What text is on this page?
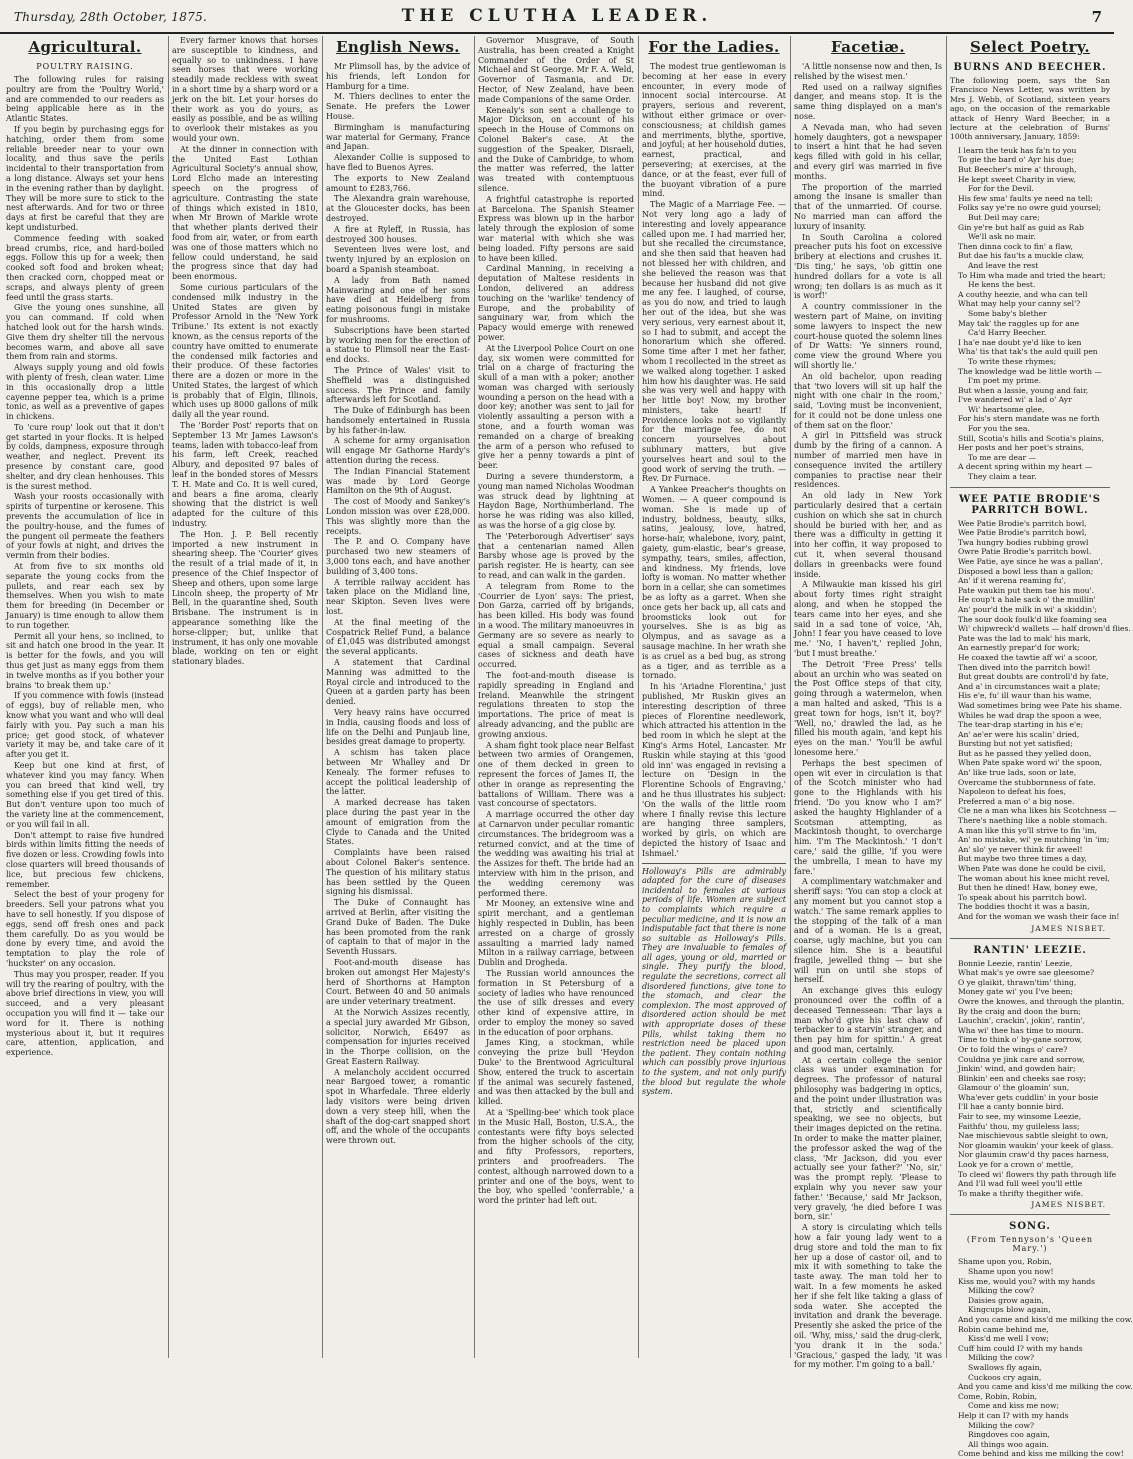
Thursday, 28th October, 1875.	THE CLUTHA LEADER.	7
Agricultural.
POULTRY RAISING.

The following rules for raising poultry are from the 'Poultry World,' and are commended to our readers as being applicable here as in the Atlantic States.

If you begin by purchasing eggs for hatching, order them from some reliable breeder near to your own locality, and thus save the perils incidental to their transportation from a long distance. Always set your hens in the evening rather than by daylight. They will be more sure to stick to the nest afterwards. And for two or three days at first be careful that they are kept undisturbed.

Commence feeding with soaked bread crumbs, rice, and hard-boiled eggs. Follow this up for a week; then cooked soft food and broken wheat; then cracked corn, chopped meat or scraps, and always plenty of green feed until the grass starts.

Give the young ones sunshine, all you can command. If cold when hatched look out for the harsh winds. Give them dry shelter till the nervous becomes warm, and above all save them from rain and storms.

Always supply young and old fowls with plenty of fresh, clean water. Lime in this occasionally drop a little cayenne pepper tea, which is a prime tonic, as well as a preventive of gapes in chickens.

To 'cure roup' look out that it don't get started in your flocks. It is helped by colds, dampness, exposure through weather, and neglect. Prevent its presence by constant care, good shelter, and dry clean henhouses. This is the surest method.

Wash your roosts occasionally with spirits of turpentine or kerosene. This prevents the accumulation of lice in the poultry-house, and the fumes of the pungent oil permeate the feathers of your fowls at night, and drives the vermin from their bodies.

At from five to six months old separate the young cocks from the pullets, and rear each sex by themselves. When you wish to mate them for breeding (in December or January) is time enough to allow them to run together.

Permit all your hens, so inclined, to sit and hatch one brood in the year. It is better for the fowls, and you will thus get just as many eggs from them in twelve months as if you bother your brains 'to break them up.'

If you commence with fowls (instead of eggs), buy of reliable men, who know what you want and who will deal fairly with you. Pay such a man his price; get good stock, of whatever variety it may be, and take care of it after you get it.

Keep but one kind at first, of whatever kind you may fancy. When you can breed that kind well, try something else if you get tired of this. But don't venture upon too much of the variety line at the commencement, or you will fail in all.

Don't attempt to raise five hundred birds within limits fitting the needs of five dozen or less. Crowding fowls into close quarters will breed thousands of lice, but precious few chickens, remember.

Select the best of your progeny for breeders. Sell your patrons what you have to sell honestly. If you dispose of eggs, send off fresh ones and pack them carefully. Do as you would be done by every time, and avoid the temptation to play the role of 'huckster' on any occasion.

Thus may you prosper, reader. If you will try the rearing of poultry, with the above brief directions in view, you will succeed, and a very pleasant occupation you will find it — take our word for it. There is nothing mysterious about it, but it requires care, attention, application, and experience.

Every farmer knows that horses are susceptible to kindness, and equally so to unkindness. I have seen horses that were working steadily made reckless with sweat in a short time by a sharp word or a jerk on the bit. Let your horses do their work as you do yours, as easily as possible, and be as willing to overlook their mistakes as you would your own.

At the dinner in connection with the United East Lothian Agricultural Society's annual show, Lord Elcho made an interesting speech on the progress of agriculture. Contrasting the state of things which existed in 1810, when Mr Brown of Markle wrote that whether plants derived their food from air, water, or from earth was one of those matters which no fellow could understand, he said the progress since that day had been enormous.

Some curious particulars of the condensed milk industry in the United States are given by Professor Arnold in the 'New York Tribune.' Its extent is not exactly known, as the census reports of the country have omitted to enumerate the condensed milk factories and their produce. Of these factories there are a dozen or more in the United States, the largest of which is probably that of Elgin, Illinois, which uses up 8000 gallons of milk daily all the year round.

The 'Border Post' reports that on September 13 Mr James Lawson's teams, laden with tobacco-leaf from his farm, left Creek, reached Albury, and deposited 97 bales of leaf in the bonded stores of Messrs T. H. Mate and Co. It is well cured, and bears a fine aroma, clearly showing that the district is well adapted for the culture of this industry.

The Hon. J. P. Bell recently imported a new instrument in shearing sheep. The 'Courier' gives the result of a trial made of it, in presence of the Chief Inspector of Sheep and others, upon some large Lincoln sheep, the property of Mr Bell, in the quarantine shed, South Brisbane. The instrument is in appearance something like the horse-clipper; but, unlike that instrument, it has only one movable blade, working on ten or eight stationary blades.

English News.

Mr Plimsoll has, by the advice of his friends, left London for Hamburg for a time.

M. Thiers declines to enter the Senate. He prefers the Lower House.

Birmingham is manufacturing war material for Germany, France and Japan.

Alexander Collie is supposed to have fled to Buenos Ayres.

The exports to New Zealand amount to £283,766.

The Alexandra grain warehouse, at the Gloucester docks, has been destroyed.

A fire at Ryleff, in Russia, has destroyed 300 houses.

Seventeen lives were lost, and twenty injured by an explosion on board a Spanish steamboat.

A lady from Bath named Mainwaring and one of her sons have died at Heidelberg from eating poisonous fungi in mistake for mushrooms.

Subscriptions have been started by working men for the erection of a statue to Plimsoll near the East-end docks.

The Prince of Wales' visit to Sheffield was a distinguished success. The Prince and family afterwards left for Scotland.

The Duke of Edinburgh has been handsomely entertained in Russia by his father-in-law.

A scheme for army organisation will engage Mr Gathorne Hardy's attention during the recess.

The Indian Financial Statement was made by Lord George Hamilton on the 9th of August.

The cost of Moody and Sankey's London mission was over £28,000. This was slightly more than the receipts.

The P. and O. Company have purchased two new steamers of 3,000 tons each, and have another building of 3,400 tons.

A terrible railway accident has taken place on the Midland line, near Skipton. Seven lives were lost.

At the final meeting of the Cospatrick Relief Fund, a balance of £1,045 was distributed amongst the several applicants.

A statement that Cardinal Manning was admitted to the Royal circle and introduced to the Queen at a garden party has been denied.

Very heavy rains have occurred in India, causing floods and loss of life on the Delhi and Punjaub line, besides great damage to property.

A schism has taken place between Mr Whalley and Dr Kenealy. The former refuses to accept the political leadership of the latter.

A marked decrease has taken place during the past year in the amount of emigration from the Clyde to Canada and the United States.

Complaints have been raised about Colonel Baker's sentence. The question of his military status has been settled by the Queen signing his dismissal.

The Duke of Connaught has arrived at Berlin, after visiting the Grand Duke of Baden. The Duke has been promoted from the rank of captain to that of major in the Seventh Hussars.

Foot-and-mouth disease has broken out amongst Her Majesty's herd of Shorthorns at Hampton Court. Between 40 and 50 animals are under veterinary treatment.

At the Norwich Assizes recently, a special jury awarded Mr Gibson, solicitor, Norwich, £6497 as compensation for injuries received in the Thorpe collision, on the Great Eastern Railway.

A melancholy accident occurred near Bargoed tower, a romantic spot in Wharfedale. Three elderly lady visitors were being driven down a very steep hill, when the shaft of the dog-cart snapped short off, and the whole of the occupants were thrown out.

Governor Musgrave, of South Australia, has been created a Knight Commander of the Order of St Michael and St George. Mr F. A. Weld, Governor of Tasmania, and Dr. Hector, of New Zealand, have been made Companions of the same Order.

Kenealy's son sent a challenge to Major Dickson, on account of his speech in the House of Commons on Colonel Baker's case. At the suggestion of the Speaker, Disraeli, and the Duke of Cambridge, to whom the matter was referred, the latter was treated with contemptuous silence.

A frightful catastrophe is reported at Barcelona. The Spanish Steamer Express was blown up in the harbor lately through the explosion of some war material with which she was being loaded. Fifty persons are said to have been killed.

Cardinal Manning, in receiving a deputation of Maltese residents in London, delivered an address touching on the 'warlike' tendency of Europe, and the probability of sanguinary war, from which the Papacy would emerge with renewed power.

At the Liverpool Police Court on one day, six women were committed for trial on a charge of fracturing the skull of a man with a poker; another woman was charged with seriously wounding a person on the head with a door key; another was sent to jail for violently assaulting a person with a stone, and a fourth woman was remanded on a charge of breaking the arm of a person who refused to give her a penny towards a pint of beer.

During a severe thunderstorm, a young man named Nicholas Woodman was struck dead by lightning at Haydon Bage, Northumberland. The horse he was riding was also killed, as was the horse of a gig close by.

The 'Peterborough Advertiser' says that a centenarian named Allen Barsby whose age is proved by the parish register. He is hearty, can see to read, and can walk in the garden.

A telegram from Rome to the 'Courrier de Lyon' says: The priest, Don Garza, carried off by brigands, has been killed. His body was found in a wood. The military manoeuvres in Germany are so severe as nearly to equal a small campaign. Several cases of sickness and death have occurred.

The foot-and-mouth disease is rapidly spreading in England and Ireland. Meanwhile the stringent regulations threaten to stop the importations. The price of meat is already advancing, and the public are growing anxious.

A sham fight took place near Belfast between two armies of Orangemen, one of them decked in green to represent the forces of James II, the other in orange as representing the battalions of William. There was a vast concourse of spectators.

A marriage occurred the other day at Carnarvon under peculiar romantic circumstances. The bridegroom was a returned convict, and at the time of the wedding was awaiting his trial at the Assizes for theft. The bride had an interview with him in the prison, and the wedding ceremony was performed there.

Mr Mooney, an extensive wine and spirit merchant, and a gentleman highly respected in Dublin, has been arrested on a charge of grossly assaulting a married lady named Milton in a railway carriage, between Dublin and Drogheda.

The Russian world announces the formation in St Petersburg of a society of ladies who have renounced the use of silk dresses and every other kind of expensive attire, in order to employ the money so saved in the education of poor orphans.

James King, a stockman, while conveying the prize bull 'Heydon Duke' to the Brentwood Agricultural Show, entered the truck to ascertain if the animal was securely fastened, and was then attacked by the bull and killed.

At a 'Spelling-bee' which took place in the Music Hall, Boston, U.S.A., the contestants were fifty boys selected from the higher schools of the city, and fifty Professors, reporters, printers and proofreaders. The contest, although narrowed down to a printer and one of the boys, went to the boy, who spelled 'conferrable,' a word the printer had left out.

For the Ladies.

The modest true gentlewoman is becoming at her ease in every encounter, in every mode of innocent social intercourse. At prayers, serious and reverent, without either grimace or over-consciousness; at childish games and merriments, blythe, sportive, and joyful; at her household duties, earnest, practical, and persevering; at exercises, at the dance, or at the feast, ever full of the buoyant vibration of a pure mind.

The Magic of a Marriage Fee. — Not very long ago a lady of interesting and lovely appearance called upon me. I had married her, but she recalled the circumstance, and she then said that heaven had not blessed her with children, and she believed the reason was that because her husband did not give me any fee. I laughed, of course, as you do now, and tried to laugh her out of the idea, but she was very serious, very earnest about it, so I had to submit, and accept the honorarium which she offered. Some time after I met her father, whom I recollected in the street as we walked along together. I asked him how his daughter was. He said she was very well and happy with her little boy! Now, my brother ministers, take heart! If Providence looks not so vigilantly for the marriage fee, do not concern yourselves about sublunary matters, but give yourselves heart and soul to the good work of serving the truth. — Rev. Dr Furnace.

A Yankee Preacher's thoughts on Women. — A queer compound is woman. She is made up of industry, boldness, beauty, silks, satins, jealousy, love, hatred, horse-hair, whalebone, ivory, paint, gaiety, gum-elastic, bear's grease, sympathy, tears, smiles, affection, and kindness. My friends, love lofty is woman. No matter whether born in a cellar, she can sometimes be as lofty as a garret. When she once gets her back up, all cats and broomsticks look out for yourselves. She is as big as Olympus, and as savage as a sausage machine. In her wrath she is as cruel as a bed bug, as strong as a tiger, and as terrible as a tornado.

In his 'Ariadne Florentina,' just published, Mr Ruskin gives an interesting description of three pieces of Florentine needlework, which attracted his attention in the bed room in which he slept at the King's Arms Hotel, Lancaster. Mr Ruskin while staying at this 'good old inn' was engaged in revising a lecture on 'Design in the Florentine Schools of Engraving,' and he thus illustrates his subject: 'On the walls of the little room where I finally revise this lecture are hanging three samplers, worked by girls, on which are depicted the history of Isaac and Ishmael.'

Holloway's Pills are admirably adapted for the cure of diseases incidental to females at various periods of life. Women are subject to complaints which require a peculiar medicine, and it is now an indisputable fact that there is none so suitable as Holloway's Pills. They are invaluable to females of all ages, young or old, married or single. They purify the blood, regulate the secretions, correct all disordered functions, give tone to the stomach, and clear the complexion. The most approved of disordered action should be met with appropriate doses of these Pills, whilst taking them no restriction need be placed upon the patient. They contain nothing which can possibly prove injurious to the system, and not only purify the blood but regulate the whole system.
Facetiæ.

'A little nonsense now and then, Is relished by the wisest men.'

Red used on a railway signifies danger, and means stop. It is the same thing displayed on a man's nose.

A Nevada man, who had seven homely daughters, got a newspaper to insert a hint that he had seven kegs filled with gold in his cellar, and every girl was married in five months.

The proportion of the married among the insane is smaller than that of the unmarried. Of course. No married man can afford the luxury of insanity.

In South Carolina a colored preacher puts his foot on excessive bribery at elections and crushes it. 'Dis ting,' he says, 'ob gittin one hundred dollars for a vote is all wrong; ten dollars is as much as it is worf!'

A country commissioner in the western part of Maine, on inviting some lawyers to inspect the new court-house quoted the solemn lines of Dr Watts: 'Ye sinners round, come view the ground Where you will shortly lie.'

An old bachelor, upon reading that 'two lovers will sit up half the night with one chair in the room,' said, 'Loving must be inconvenient, for it could not be done unless one of them sat on the floor.'

A girl in Pittsfield was struck dumb by the firing of a cannon. A number of married men have in consequence invited the artillery companies to practise near their residences.

An old lady in New York particularly desired that a certain cushion on which she sat in church should be buried with her, and as there was a difficulty in getting it into her coffin, it way proposed to cut it, when several thousand dollars in greenbacks were found inside.

A Milwaukie man kissed his girl about forty times right straight along, and when he stopped the tears came into her eyes, and she said in a sad tone of voice, 'Ah, John! I fear you have ceased to love me.' 'No, I haven't,' replied John, 'but I must breathe.'

The Detroit 'Free Press' tells about an urchin who was seated on the Post Office steps of that city, going through a watermelon, when a man halted and asked, 'This is a great town for hogs, isn't it, boy?' 'Well, no,' drawled the lad, as he filled his mouth again, 'and kept his eyes on the man.' 'You'll be awful lonesome here.'

Perhaps the best specimen of open wit ever in circulation is that of the Scotch minister who had gone to the Highlands with his friend. 'Do you know who I am?' asked the haughty Highlander of a Scotsman attempting, as Mackintosh thought, to overcharge him. 'I'm The Mackintosh.' 'I don't care,' said the gillie, 'if you were the umbrella, I mean to have my fare.'

A complimentary watchmaker and sheriff says: 'You can stop a clock at any moment but you cannot stop a watch.' The same remark applies to the stopping of the talk of a man and of a woman. He is a great, coarse, ugly machine, but you can silence him. She is a beautiful fragile, jewelled thing — but she will run on until she stops of herself.

An exchange gives this eulogy pronounced over the coffin of a deceased Tennessean: 'Thar lays a man who'd give his last chaw of terbacker to a starvin' stranger, and then pay him for spittin.' A great and good man, certainly.

At a certain college the senior class was under examination for degrees. The professor of natural philosophy was badgering in optics, and the point under illustration was that, strictly and scientifically speaking, we see no objects, but their images depicted on the retina. In order to make the matter plainer, the professor asked the wag of the class, 'Mr Jackson, did you ever actually see your father?' 'No, sir,' was the prompt reply. 'Please to explain why you never saw your father.' 'Because,' said Mr Jackson, very gravely, 'he died before I was born, sir.'

A story is circulating which tells how a fair young lady went to a drug store and told the man to fix her up a dose of castor oil, and to mix it with something to take the taste away. The man told her to wait. In a few moments he asked her if she felt like taking a glass of soda water. She accepted the invitation and drank the beverage. Presently she asked the price of the oil. 'Why, miss,' said the drug-clerk, 'you drank it in the soda.' 'Gracious,' gasped the lady, 'it was for my mother. I'm going to a ball.'

Select Poetry.
BURNS AND BEECHER.
The following poem, says the San Francisco News Letter, was written by Mrs J. Webb, of Scotland, sixteen years ago, on the occasion of the remarkable attack of Henry Ward Beecher, in a lecture at the celebration of Burns' 100th anniversary, January, 1859:

I learn the teuk has fa'n to you

To gie the bard o' Ayr his due;

But Beecher's mire a' through,

He kept sweet Charity in view,

For for the Devil.

His few sma' faults ye need na tell;

Folks say ye're no owre guid yoursel;

But Deil may care;

Gin ye're but half as guid as Rab

We'll ask no mair.

Then dinna cock to fin' a flaw,

But dae his fau'ts a muckle claw,

And leave the rest

To Him wha made and tried the heart;

He kens the best.

A couthy heezie, and wha can tell

What may help your canny sel'?

Some baby's blether

May tak' the raggles up for ane

Ca'd Harry Beecher.

I ha'e nae doubt ye'd like to ken

Wha' tis that tak's the auld quill pen

To write these rhymes;

The knowledge wad be little worth —

I'm poet my prime.

But when a lassie, young and fair,

I've wandered wi' a lad o' Ayr

Wi' heartsome glee,

For his's stern mandate was ne forth

For you the sea.

Still, Scotia's hills and Scotia's plains,

Her posts and her poet's strains,

To me are dear —

A decent spring within my heart —

They claim a tear.

WEE PATIE BRODIE'S PARRITCH BOWL.

Wee Patie Brodie's parritch bowl,

Wee Patie Brodie's parritch bowl,

Twa hungry bodies rubbing growl

Owre Patie Brodie's parritch bowl.

Wee Patie, aye since he was a pallan',

Disposed a bowl less than a gallon;

An' if it werena reaming fu',

Pate waukin put them tae his mou'.

He coup't a hale sack o' the muillin'

An' pour'd the milk in wi' a skiddin';

The sour dook foulk'd like foaming sea

Wi' chipwreck'd wallets — half drown'd flies.

Pate was the lad to mak' his mark,

An earnestly prepar'd for work;

He coaxed the tawtie aff wi' a scoor,

Then dived into the parritch bowl!

But great doubts are controll'd by fate,

And a' in circumstances wait a plate;

His e'e, fu' ill waur than his wame,

Wad sometimes bring wee Pate his shame.

Whiles he wad drap the spoon a wee,

The tear-drap starting in his e'e;

An' ae'er were his scalin' dried,

Bursting but not yet satisfied;

But as he passed they yelled doon,

When Pate spake word wi' the spoon,

An' like true lads, soon or late,

Overcame the stubbornness of fate.

Napoleon to defeat his foes,

Preferred a man o' a big nose.

Cle ne a man wha likes his Scotchness —

There's naething like a noble stomach.

A man like this yo'll strive to fin 'im,

An' no mistake, wi' ye mutching 'in 'im;

An' slo' ye never think fir aweel!

But maybe two three times a day,

When Pate was done he could be civil,

The woman about his knee micht revel,

But then he dined! Haw, boney ewe,

To speak about his parritch bowl.

The boddies thocht it was a basin,

And for the woman we wash their face in!

JAMES NISBET.
RANTIN' LEEZIE.

Bonnie Leezie, rantin' Leezie,

What mak's ye owre sae gleesome?

O ye glaikit, thrawn'tim' thing,

Money gate wi' you I've been;

Owre the knowes, and through the plantin,

By the craig and doon the burn;

Lauchin', crackin', jokin', rantin',

Wha wi' thee has time to mourn.

Time to think o' by-gane sorrow,

Or to fold the wings o' care?

Couldna ye jink care and sorrow,

Jinkin' wind, and gowden hair;

Blinkin' een and cheeks sae rosy;

Glamour o' the gloamin' sun,

Wha'ever gets cuddlin' in your bosie

I'll hae a canty bonnie bird.

Fair to see, my winsome Leezie,

Faithfu' thou, my guileless lass;

Nae mischievous sabtle sleight to own,

Nor gloamin waukin' your keek of glass.

Nor glaumin craw'd thy paces harness,

Look ye for a crown o' mettle,

To cleed wi' flowers thy path through life

And I'll wad full weel you'll ettle

To make a thrifty thegither wife.

JAMES NISBET.
SONG.
(From Tennyson's 'Queen Mary.')

Shame upon you, Robin,

Shame upon you now!

Kiss me, would you? with my hands

Milking the cow?

Daisies grow again,

Kingcups blow again,

And you came and kiss'd me milking the cow.

Robin came behind me,

Kiss'd me well I vow;

Cuff him could I? with my hands

Milking the cow?

Swallows fly again,

Cuckoos cry again,

And you came and kiss'd me milking the cow.

Come, Robin, Robin,

Come and kiss me now;

Help it can I? with my hands

Milking the cow?

Ringdoves coo again,

All things woo again.

Come behind and kiss me milking the cow!
